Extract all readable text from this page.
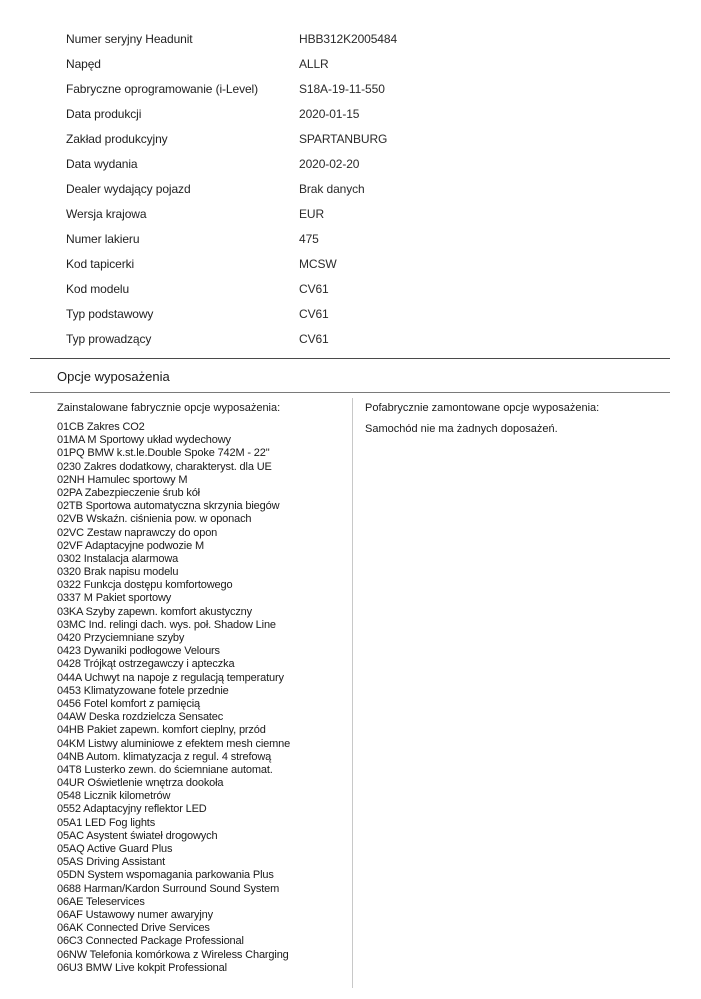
Numer seryjny Headunit	HBB312K2005484
Napęd	ALLR
Fabryczne oprogramowanie (i-Level)	S18A-19-11-550
Data produkcji	2020-01-15
Zakład produkcyjny	SPARTANBURG
Data wydania	2020-02-20
Dealer wydający pojazd	Brak danych
Wersja krajowa	EUR
Numer lakieru	475
Kod tapicerki	MCSW
Kod modelu	CV61
Typ podstawowy	CV61
Typ prowadzący	CV61
Opcje wyposażenia
Zainstalowane fabrycznie opcje wyposażenia:
01CB Zakres CO2
01MA M Sportowy układ wydechowy
01PQ BMW k.st.le.Double Spoke 742M - 22"
0230 Zakres dodatkowy, charakteryst. dla UE
02NH Hamulec sportowy M
02PA Zabezpieczenie śrub kół
02TB Sportowa automatyczna skrzynia biegów
02VB Wskaźn. ciśnienia pow. w oponach
02VC Zestaw naprawczy do opon
02VF Adaptacyjne podwozie M
0302 Instalacja alarmowa
0320 Brak napisu modelu
0322 Funkcja dostępu komfortowego
0337 M Pakiet sportowy
03KA Szyby zapewn. komfort akustyczny
03MC Ind. relingi dach. wys. poł. Shadow Line
0420 Przyciemniane szyby
0423 Dywaniki podłogowe Velours
0428 Trójkąt ostrzegawczy i apteczka
044A Uchwyt na napoje z regulacją temperatury
0453 Klimatyzowane fotele przednie
0456 Fotel komfort z pamięcią
04AW Deska rozdzielcza Sensatec
04HB Pakiet zapewn. komfort cieplny, przód
04KM Listwy aluminiowe z efektem mesh ciemne
04NB Autom. klimatyzacja z regul. 4 strefową
04T8 Lusterko zewn. do ściemniane automat.
04UR Oświetlenie wnętrza dookoła
0548 Licznik kilometrów
0552 Adaptacyjny reflektor LED
05A1 LED Fog lights
05AC Asystent świateł drogowych
05AQ Active Guard Plus
05AS Driving Assistant
05DN System wspomagania parkowania Plus
0688 Harman/Kardon Surround Sound System
06AE Teleservices
06AF Ustawowy numer awaryjny
06AK Connected Drive Services
06C3 Connected Package Professional
06NW Telefonia komórkowa z Wireless Charging
06U3 BMW Live kokpit Professional
Pofabrycznie zamontowane opcje wyposażenia:
Samochód nie ma żadnych doposażeń.
